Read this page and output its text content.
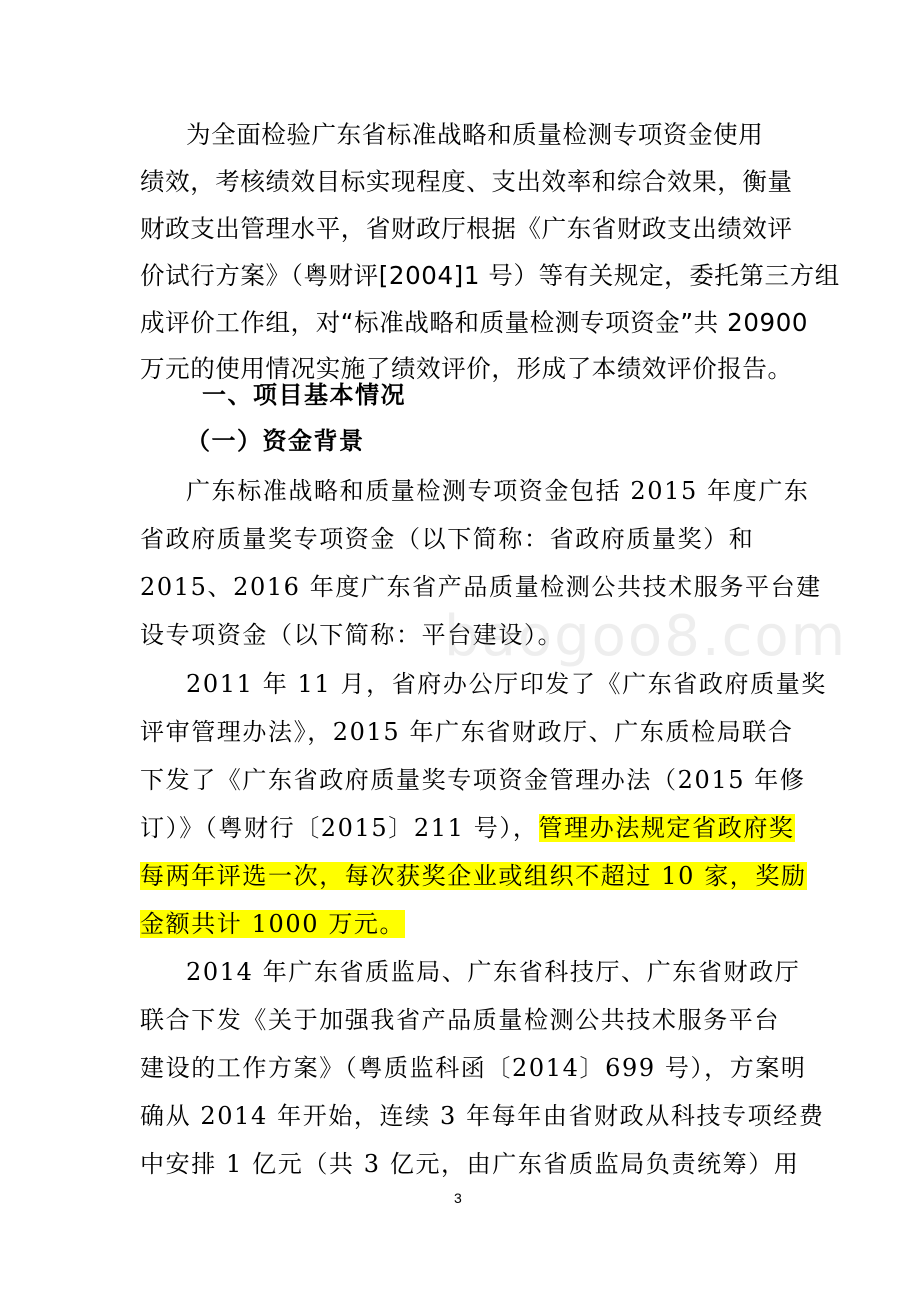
为全面检验广东省标准战略和质量检测专项资金使用
绩效，考核绩效目标实现程度、支出效率和综合效果，衡量
财政支出管理水平，省财政厅根据《广东省财政支出绩效评
价试行方案》（粤财评[2004]1 号）等有关规定，委托第三方组
成评价工作组，对“标准战略和质量检测专项资金”共 20900
万元的使用情况实施了绩效评价，形成了本绩效评价报告。
一、项目基本情况
（一）资金背景
广东标准战略和质量检测专项资金包括 2015 年度广东
省政府质量奖专项资金（以下简称：省政府质量奖）和
2015、2016 年度广东省产品质量检测公共技术服务平台建
设专项资金（以下简称：平台建设）。
2011 年 11 月，省府办公厅印发了《广东省政府质量奖
评审管理办法》，2015 年广东省财政厅、广东质检局联合
下发了《广东省政府质量奖专项资金管理办法（2015 年修
订）》（粤财行〔2015〕211 号），管理办法规定省政府奖
每两年评选一次，每次获奖企业或组织不超过 10 家，奖励
金额共计 1000 万元。
2014 年广东省质监局、广东省科技厅、广东省财政厅
联合下发《关于加强我省产品质量检测公共技术服务平台
建设的工作方案》（粤质监科函〔2014〕699 号），方案明
确从 2014 年开始，连续 3 年每年由省财政从科技专项经费
中安排 1 亿元（共 3 亿元，由广东省质监局负责统筹）用
baogoo8.com
3
